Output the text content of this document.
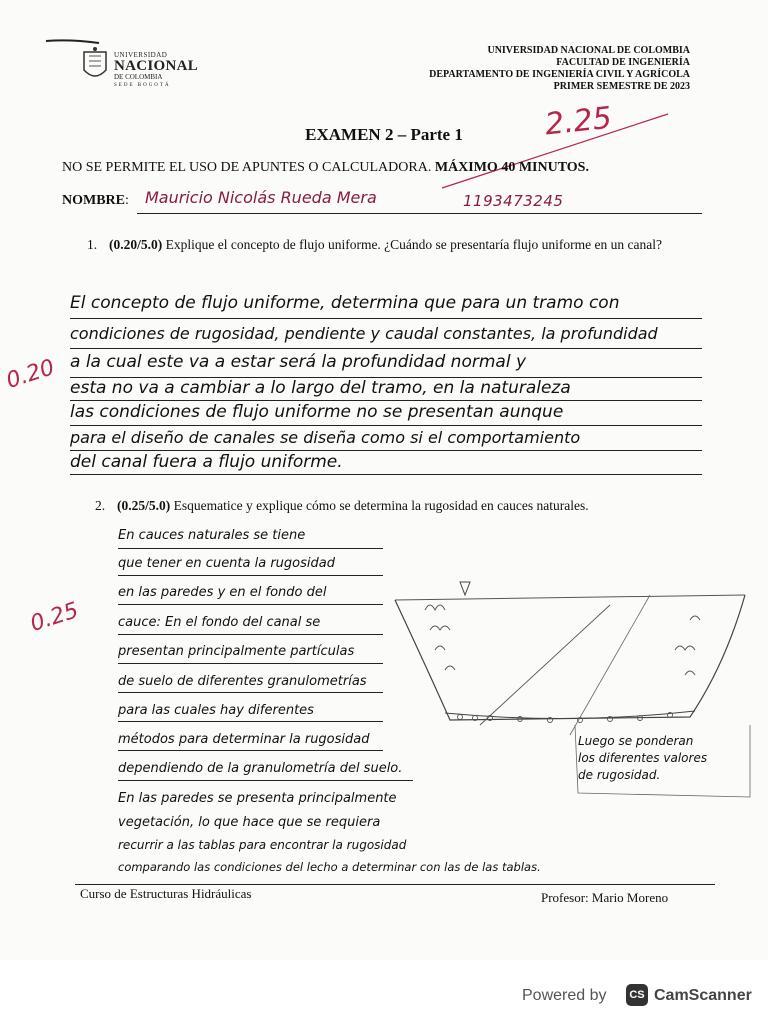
UNIVERSIDAD
NACIONAL
DE COLOMBIA
SEDE BOGOTÁ
UNIVERSIDAD NACIONAL DE COLOMBIA
FACULTAD DE INGENIERÍA
DEPARTAMENTO DE INGENIERÍA CIVIL Y AGRÍCOLA
PRIMER SEMESTRE DE 2023
EXAMEN 2 – Parte 1	2.25
NO SE PERMITE EL USO DE APUNTES O CALCULADORA. MÁXIMO 40 MINUTOS.
NOMBRE: Mauricio Nicolás Rueda Mera	1193473245
1. (0.20/5.0) Explique el concepto de flujo uniforme. ¿Cuándo se presentaría flujo uniforme en un canal?
0.20
El concepto de flujo uniforme, determina que para un tramo con
condiciones de rugosidad, pendiente y caudal constantes, la profundidad
a la cual este va a estar será la profundidad normal y
esta no va a cambiar a lo largo del tramo, en la naturaleza
las condiciones de flujo uniforme no se presentan aunque
para el diseño de canales se diseña como si el comportamiento
del canal fuera a flujo uniforme.
2. (0.25/5.0) Esquematice y explique cómo se determina la rugosidad en cauces naturales.
0.25
En cauces naturales se tiene
que tener en cuenta la rugosidad
en las paredes y en el fondo del
cauce: En el fondo del canal se
presentan principalmente partículas
de suelo de diferentes granulometrías
para las cuales hay diferentes
métodos para determinar la rugosidad
dependiendo de la granulometría del suelo.
En las paredes se presenta principalmente
vegetación, lo que hace que se requiera
recurrir a las tablas para encontrar la rugosidad
comparando las condiciones del lecho a determinar con las de las tablas.
Luego se ponderan
los diferentes valores
de rugosidad.
Curso de Estructuras Hidráulicas	Profesor: Mario Moreno
Powered by	CS CamScanner
